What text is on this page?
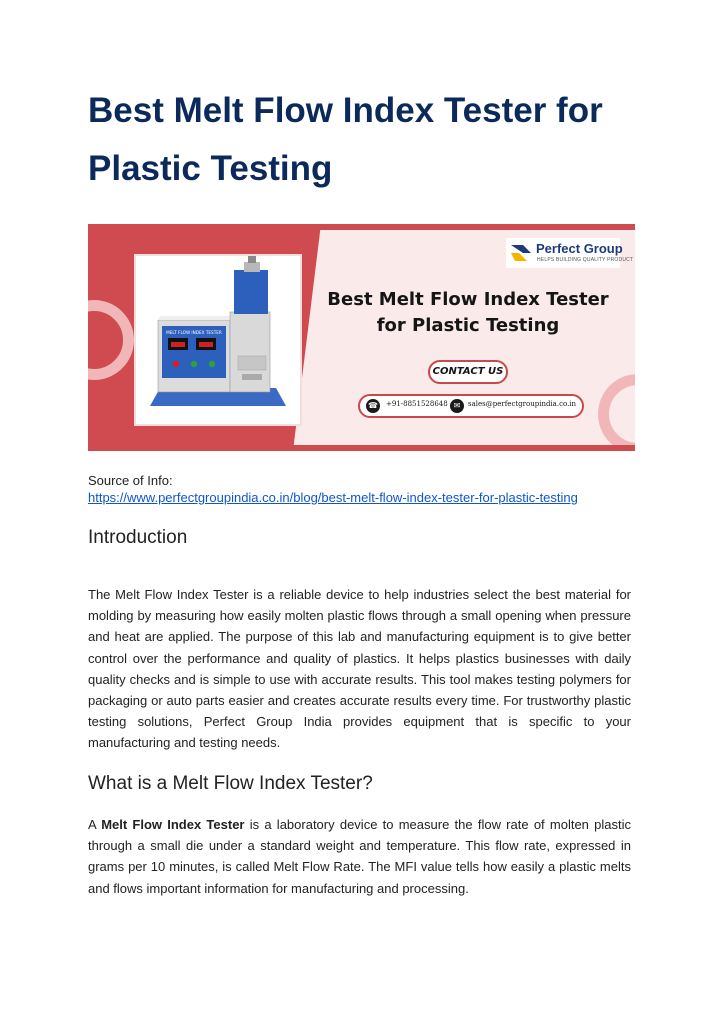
Best Melt Flow Index Tester for Plastic Testing
MELT FLOW INDEX TESTER
Perfect Group
HELPS BUILDING QUALITY PRODUCT
Best Melt Flow Index Tester for Plastic Testing
CONTACT US
☎ +91-8851528648 ✉	sales@perfectgroupindia.co.in
Source of Info:
https://www.perfectgroupindia.co.in/blog/best-melt-flow-index-tester-for-plastic-testing
Introduction

The Melt Flow Index Tester is a reliable device to help industries select the best material for molding by measuring how easily molten plastic flows through a small opening when pressure and heat are applied. The purpose of this lab and manufacturing equipment is to give better control over the performance and quality of plastics. It helps plastics businesses with daily quality checks and is simple to use with accurate results. This tool makes testing polymers for packaging or auto parts easier and creates accurate results every time. For trustworthy plastic testing solutions, Perfect Group India provides equipment that is specific to your manufacturing and testing needs.

What is a Melt Flow Index Tester?

A Melt Flow Index Tester is a laboratory device to measure the flow rate of molten plastic through a small die under a standard weight and temperature. This flow rate, expressed in grams per 10 minutes, is called Melt Flow Rate. The MFI value tells how easily a plastic melts and flows important information for manufacturing and processing.
